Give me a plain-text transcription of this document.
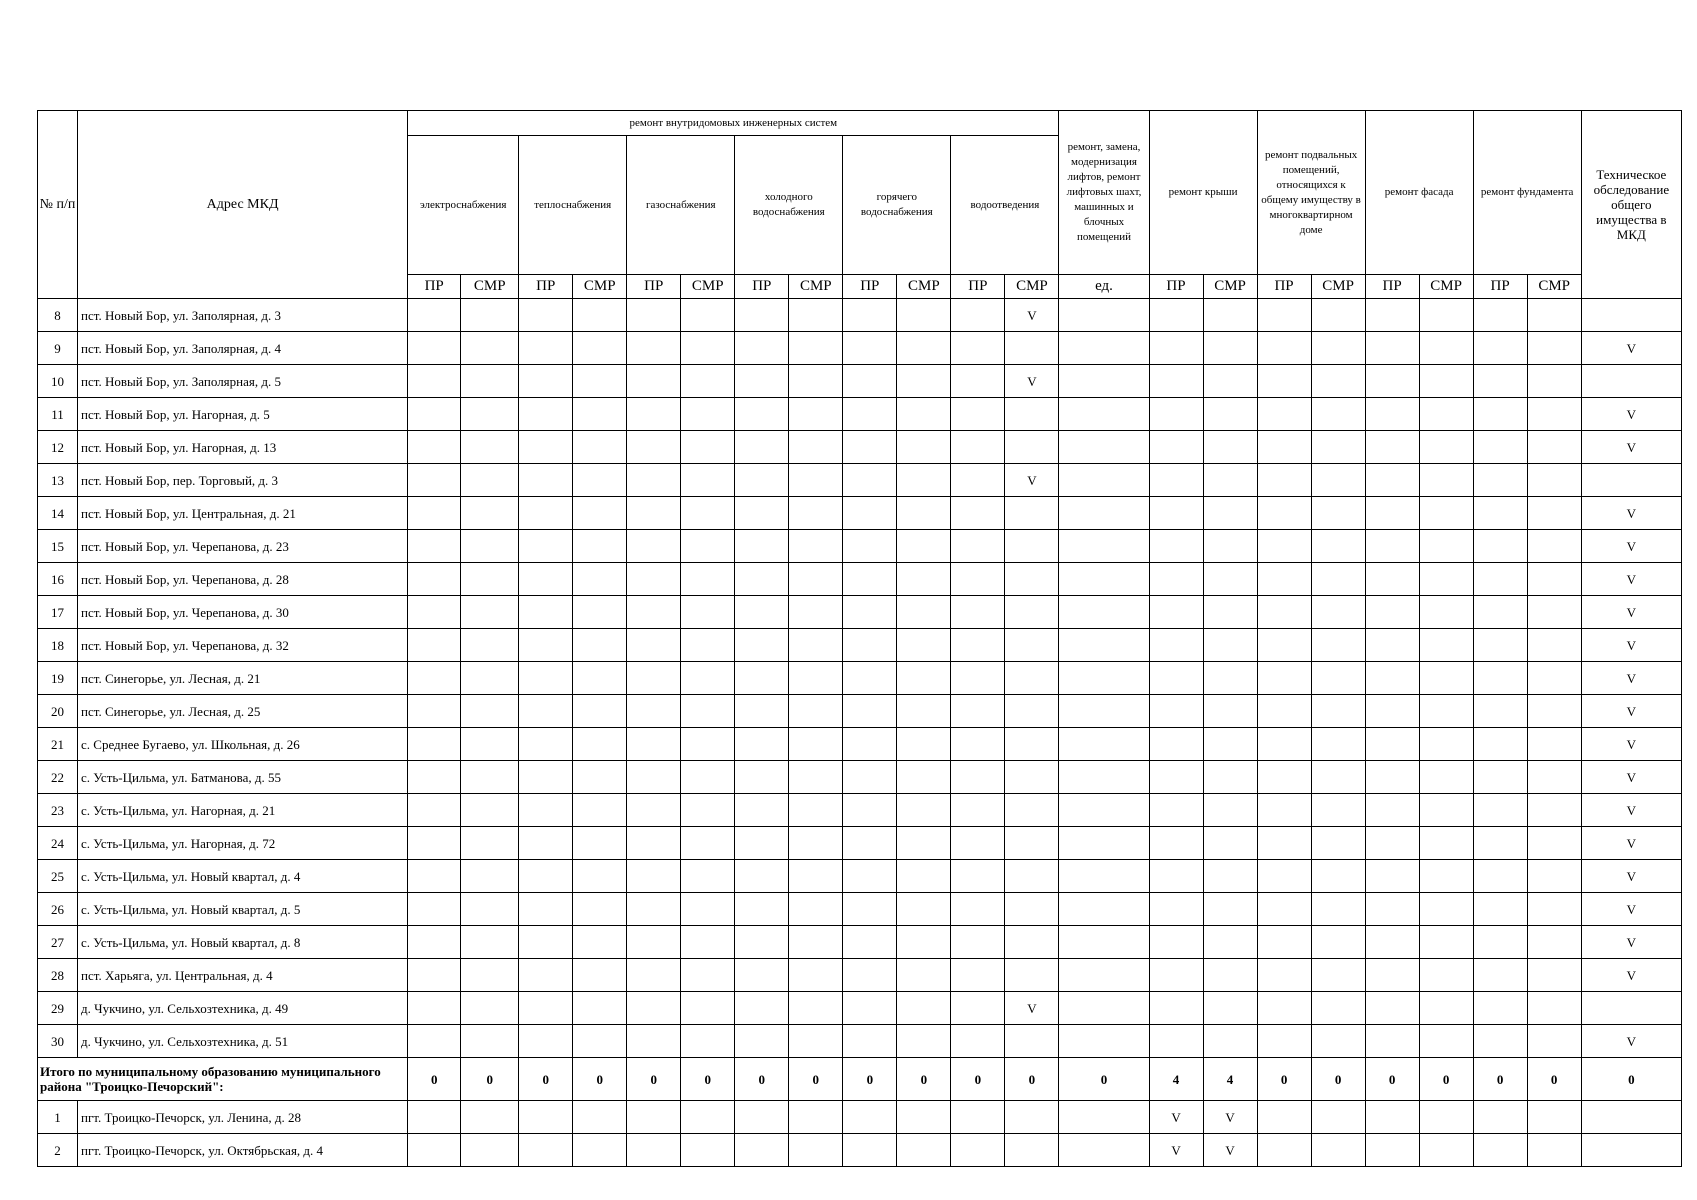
№ п/п	Адрес МКД	ремонт внутридомовых инженерных систем												ремонт, замена, модернизация лифтов, ремонт лифтовых шахт, машинных и блочных помещений	ремонт крыши		ремонт подвальных помещений, относящихся к общему имуществу в многоквартирном доме		ремонт фасада		ремонт фундамента		Техническое обследование общего имущества в МКД
		электроснабжения		теплоснабжения		газоснабжения		холодного водоснабжения		горячего водоснабжения		водоотведения											
		ПР	СМР	ПР	СМР	ПР	СМР	ПР	СМР	ПР	СМР	ПР	СМР	ед.	ПР	СМР	ПР	СМР	ПР	СМР	ПР	СМР	
8	пст. Новый Бор, ул. Заполярная, д. 3												V										
9	пст. Новый Бор, ул. Заполярная, д. 4																						V
10	пст. Новый Бор, ул. Заполярная, д. 5												V										
11	пст. Новый Бор, ул. Нагорная, д. 5																						V
12	пст. Новый Бор, ул. Нагорная, д. 13																						V
13	пст. Новый Бор, пер. Торговый, д. 3												V										
14	пст. Новый Бор, ул. Центральная, д. 21																						V
15	пст. Новый Бор, ул. Черепанова, д. 23																						V
16	пст. Новый Бор, ул. Черепанова, д. 28																						V
17	пст. Новый Бор, ул. Черепанова, д. 30																						V
18	пст. Новый Бор, ул. Черепанова, д. 32																						V
19	пст. Синегорье, ул. Лесная, д. 21																						V
20	пст. Синегорье, ул. Лесная, д. 25																						V
21	с. Среднее Бугаево, ул. Школьная, д. 26																						V
22	с. Усть-Цильма, ул. Батманова, д. 55																						V
23	с. Усть-Цильма, ул. Нагорная, д. 21																						V
24	с. Усть-Цильма, ул. Нагорная, д. 72																						V
25	с. Усть-Цильма, ул. Новый квартал, д. 4																						V
26	с. Усть-Цильма, ул. Новый квартал, д. 5																						V
27	с. Усть-Цильма, ул. Новый квартал, д. 8																						V
28	пст. Харьяга, ул. Центральная, д. 4																						V
29	д. Чукчино, ул. Сельхозтехника, д. 49												V										
30	д. Чукчино, ул. Сельхозтехника, д. 51																						V
Итого по муниципальному образованию муниципального района "Троицко-Печорский":		0	0	0	0	0	0	0	0	0	0	0	0	0	4	4	0	0	0	0	0	0	0
1	пгт. Троицко-Печорск, ул. Ленина, д. 28														V	V							
2	пгт. Троицко-Печорск, ул. Октябрьская, д. 4														V	V							
